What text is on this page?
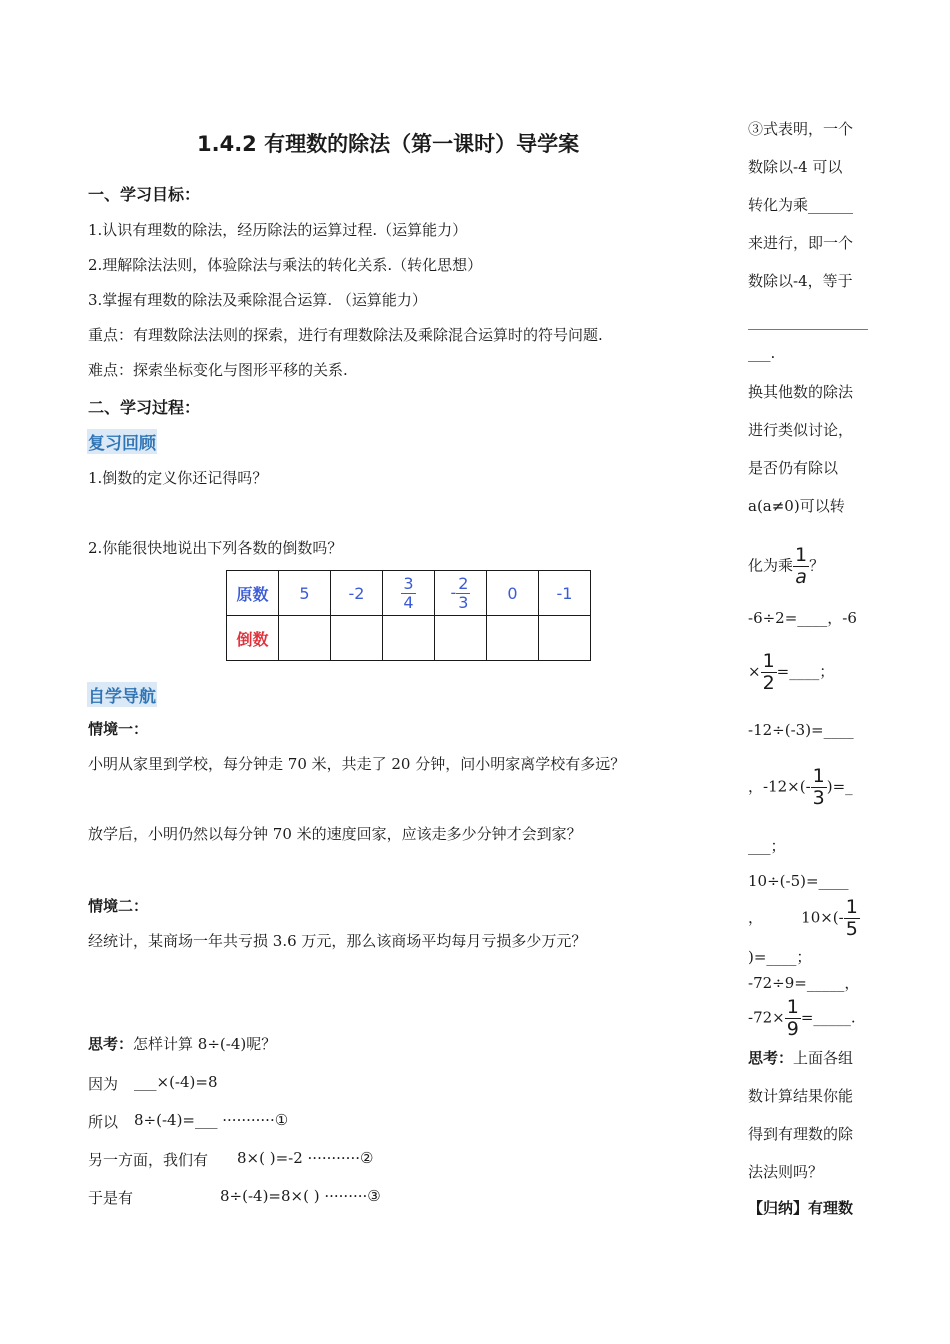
1.4.2 有理数的除法（第一课时）导学案
一、学习目标：
1.认识有理数的除法，经历除法的运算过程.（运算能力）
2.理解除法法则，体验除法与乘法的转化关系.（转化思想）
3.掌握有理数的除法及乘除混合运算. （运算能力）
重点：有理数除法法则的探索，进行有理数除法及乘除混合运算时的符号问题.
难点：探索坐标变化与图形平移的关系.
二、学习过程：
复习回顾
1.倒数的定义你还记得吗？
2.你能很快地说出下列各数的倒数吗？
原数	5	-2	$\frac{3}{4}$	- $\frac{2}{3}$	0	-1
倒数						
自学导航
情境一：
小明从家里到学校，每分钟走 70 米，共走了 20 分钟，问小明家离学校有多远？
放学后，小明仍然以每分钟 70 米的速度回家，应该走多少分钟才会到家？
情境二：
经统计，某商场一年共亏损 3.6 万元，那么该商场平均每月亏损多少万元？
思考：怎样计算 8÷(-4)呢？
因为 ___×(-4)=8
所以 8÷(-4)=___ ···········①
另一方面，我们有 8×( )=-2 ···········②
于是有	8÷(-4)=8×( ) ·········③
③式表明，一个
数除以-4 可以
转化为乘______
来进行，即一个
数除以-4，等于
________________
___.
换其他数的除法
进行类似讨论，
是否仍有除以
a(a≠0)可以转
化为乘 $\frac{1}{a}$ ？
-6÷2=____，-6
× $\frac{1}{2}$ =____；
-12÷(-3)=____
，$-12\times(- \frac{1}{3}$ )=_
___；
10÷(-5)=____
，        $10\times(- \frac{1}{5}$
)=____；
-72÷9=_____，
$-72\times \frac{1}{9}$ =_____.
思考：上面各组
数计算结果你能
得到有理数的除
法法则吗？
【归纳】有理数
